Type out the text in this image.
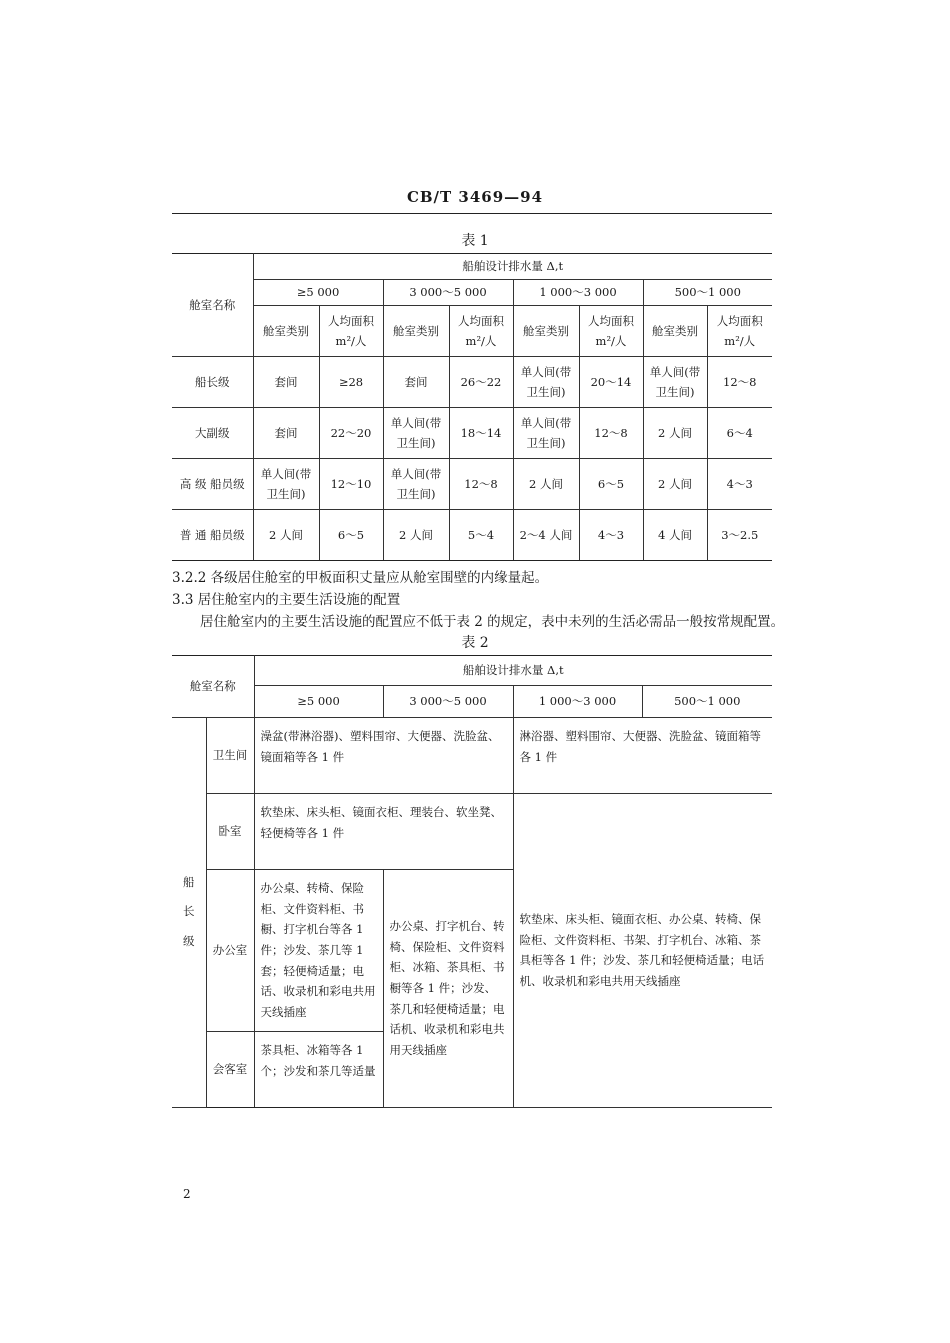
CB/T 3469—94
表 1
舱室名称	船舶设计排水量 Δ,t							
	≥5 000		3 000～5 000		1 000～3 000		500～1 000	
	舱室类别	人均面积 m²/人	舱室类别	人均面积 m²/人	舱室类别	人均面积 m²/人	舱室类别	人均面积 m²/人
船长级	套间	≥28	套间	26～22	单人间(带卫生间)	20～14	单人间(带卫生间)	12～8
大副级	套间	22～20	单人间(带卫生间)	18～14	单人间(带卫生间)	12～8	2 人间	6～4
高 级 船员级	单人间(带卫生间)	12～10	单人间(带卫生间)	12～8	2 人间	6～5	2 人间	4～3
普 通 船员级	2 人间	6～5	2 人间	5～4	2～4 人间	4～3	4 人间	3～2.5
3.2.2 各级居住舱室的甲板面积丈量应从舱室围壁的内缘量起。
3.3 居住舱室内的主要生活设施的配置
居住舱室内的主要生活设施的配置应不低于表 2 的规定，表中未列的生活必需品一般按常规配置。
表 2
舱室名称		船舶设计排水量 Δ,t			
		≥5 000	3 000～5 000	1 000～3 000	500～1 000
船 长 级	卫生间	澡盆(带淋浴器)、塑料围帘、大便器、洗脸盆、镜面箱等各 1 件		淋浴器、塑料围帘、大便器、洗脸盆、镜面箱等各 1 件	
	卧室	软垫床、床头柜、镜面衣柜、理装台、软坐凳、轻便椅等各 1 件		软垫床、床头柜、镜面衣柜、办公桌、转椅、保险柜、文件资料柜、书架、打字机台、冰箱、茶具柜等各 1 件；沙发、茶几和轻便椅适量；电话机、收录机和彩电共用天线插座	
	办公室	办公桌、转椅、保险柜、文件资料柜、书橱、打字机台等各 1 件；沙发、茶几等 1 套；轻便椅适量；电话、收录机和彩电共用天线插座	办公桌、打字机台、转椅、保险柜、文件资料柜、冰箱、茶具柜、书橱等各 1 件；沙发、茶几和轻便椅适量；电话机、收录机和彩电共用天线插座		
	会客室	茶具柜、冰箱等各 1 个；沙发和茶几等适量			
2
